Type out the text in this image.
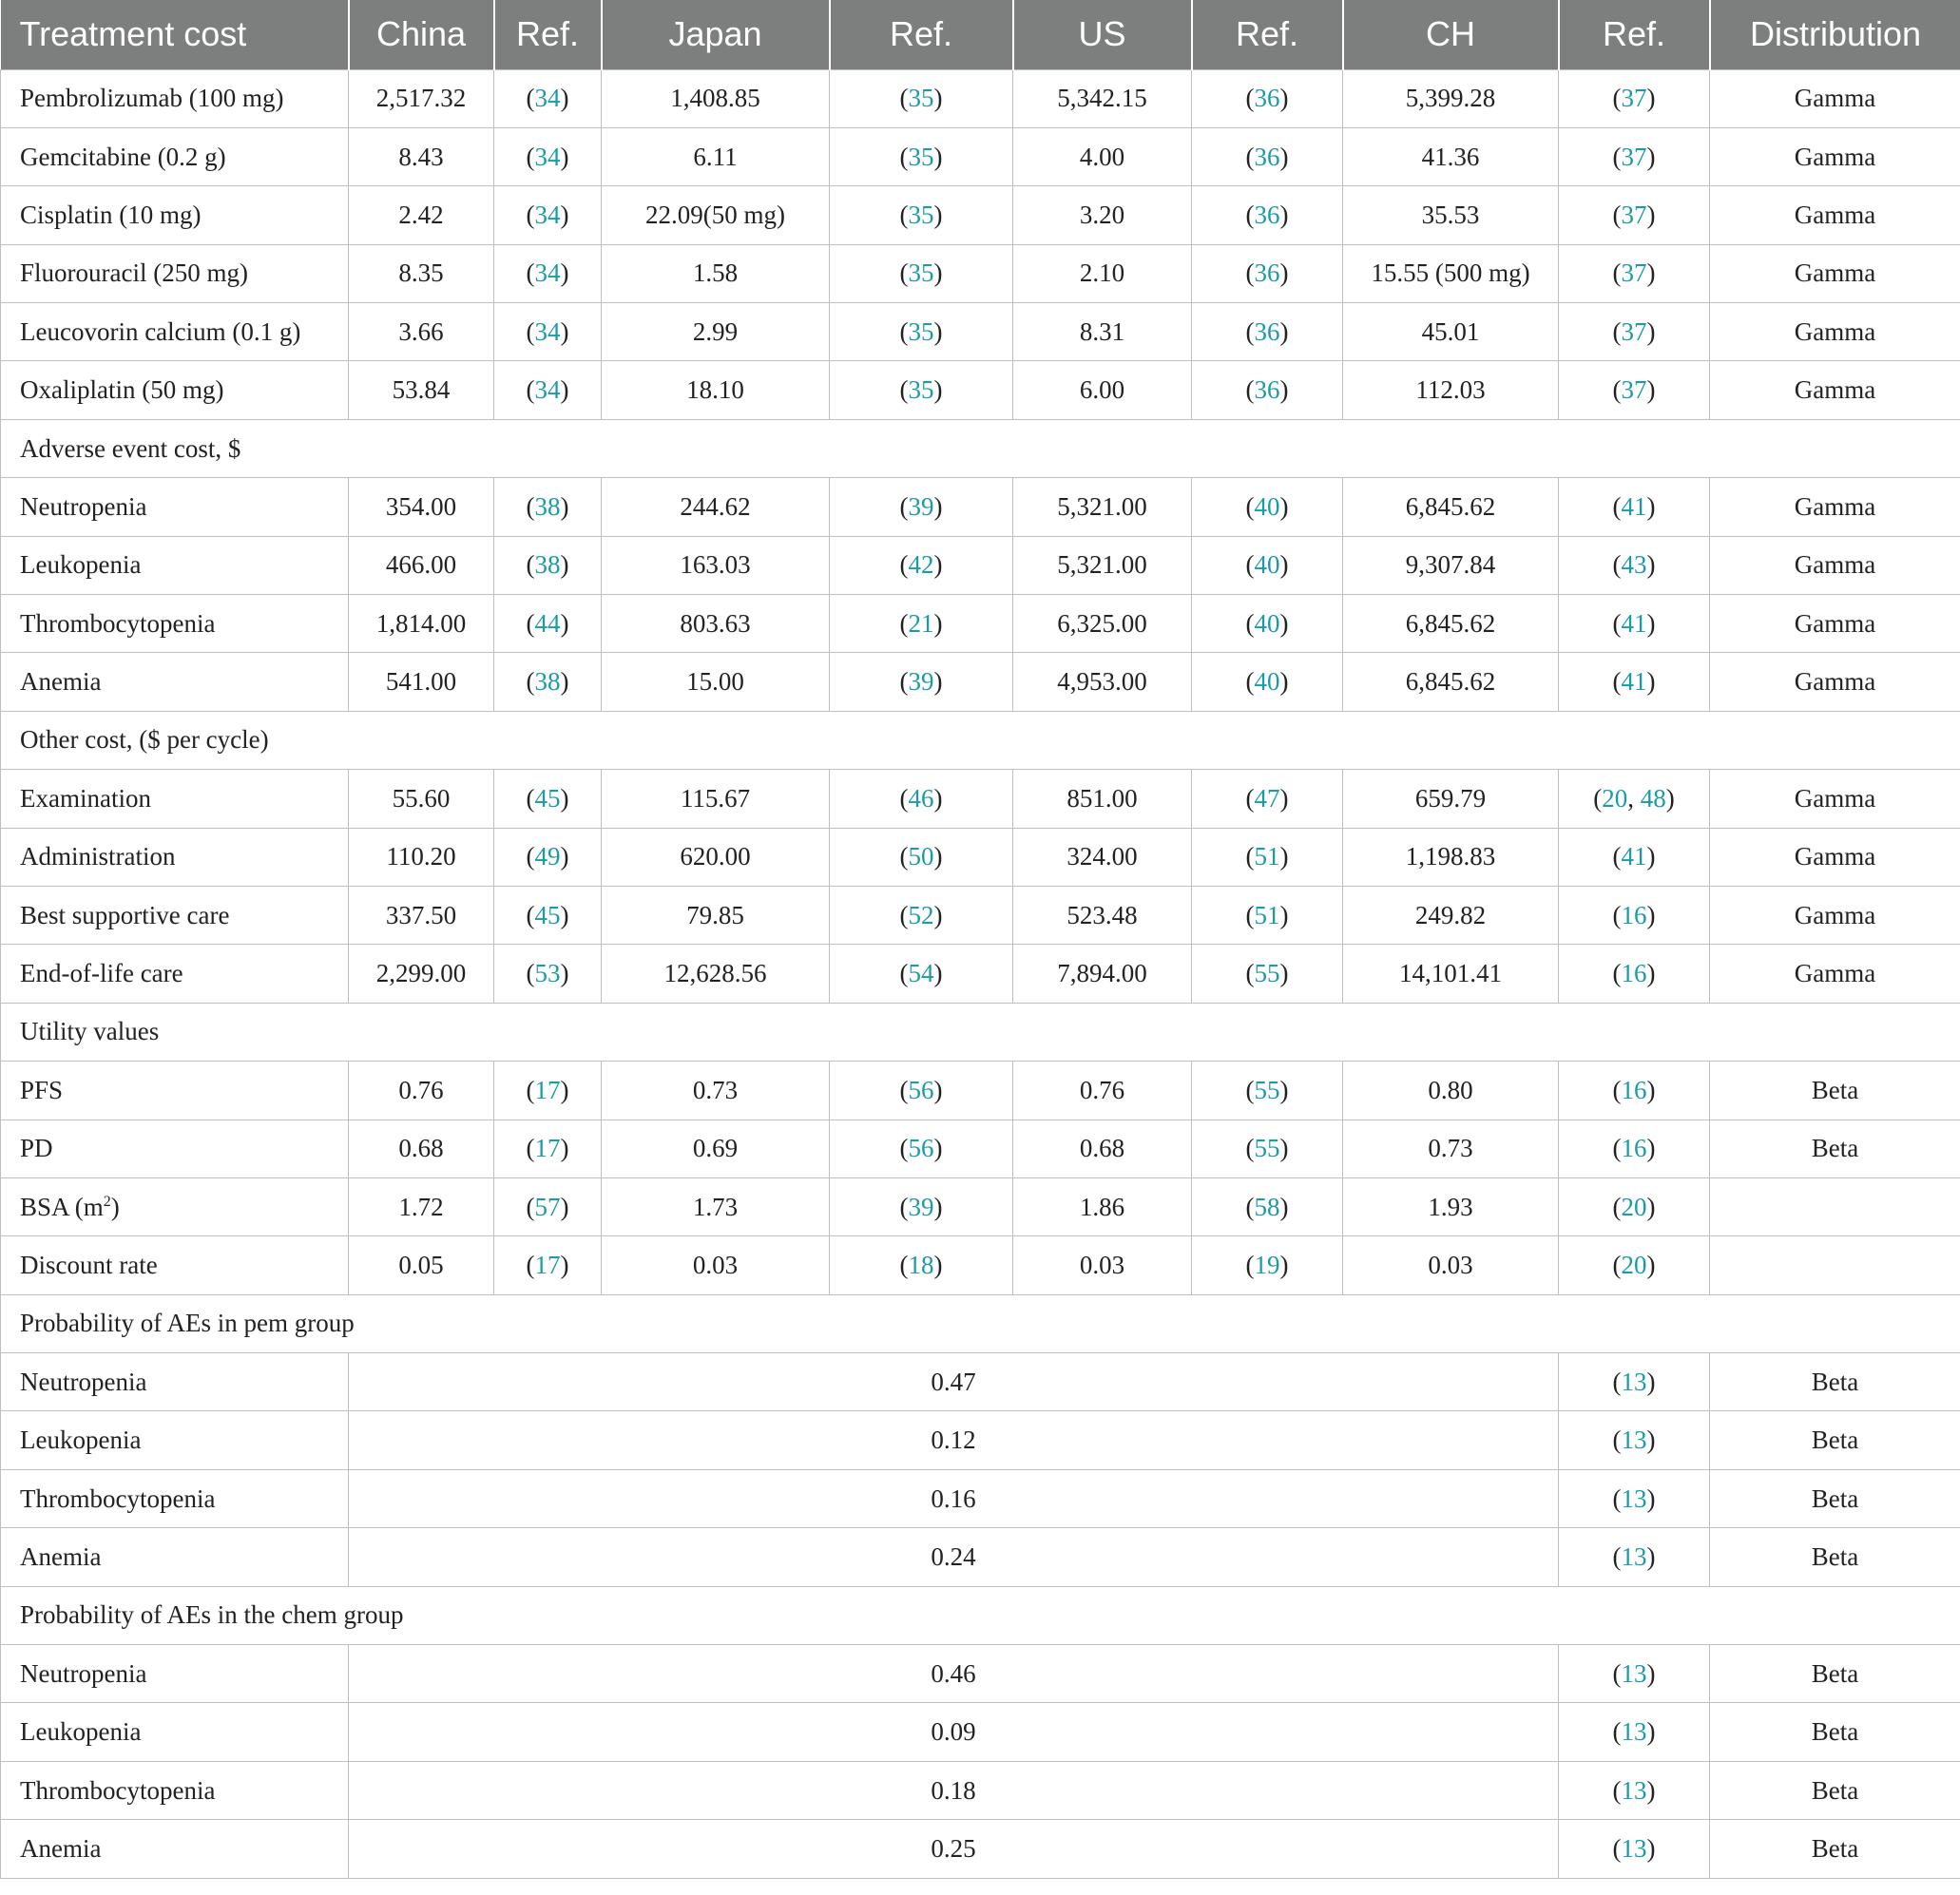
Treatment cost	China	Ref.	Japan	Ref.	US	Ref.	CH	Ref.	Distribution
Pembrolizumab (100 mg)	2,517.32	(34)	1,408.85	(35)	5,342.15	(36)	5,399.28	(37)	Gamma
Gemcitabine (0.2 g)	8.43	(34)	6.11	(35)	4.00	(36)	41.36	(37)	Gamma
Cisplatin (10 mg)	2.42	(34)	22.09(50 mg)	(35)	3.20	(36)	35.53	(37)	Gamma
Fluorouracil (250 mg)	8.35	(34)	1.58	(35)	2.10	(36)	15.55 (500 mg)	(37)	Gamma
Leucovorin calcium (0.1 g)	3.66	(34)	2.99	(35)	8.31	(36)	45.01	(37)	Gamma
Oxaliplatin (50 mg)	53.84	(34)	18.10	(35)	6.00	(36)	112.03	(37)	Gamma
Adverse event cost, $									
Neutropenia	354.00	(38)	244.62	(39)	5,321.00	(40)	6,845.62	(41)	Gamma
Leukopenia	466.00	(38)	163.03	(42)	5,321.00	(40)	9,307.84	(43)	Gamma
Thrombocytopenia	1,814.00	(44)	803.63	(21)	6,325.00	(40)	6,845.62	(41)	Gamma
Anemia	541.00	(38)	15.00	(39)	4,953.00	(40)	6,845.62	(41)	Gamma
Other cost, ($ per cycle)									
Examination	55.60	(45)	115.67	(46)	851.00	(47)	659.79	(20, 48)	Gamma
Administration	110.20	(49)	620.00	(50)	324.00	(51)	1,198.83	(41)	Gamma
Best supportive care	337.50	(45)	79.85	(52)	523.48	(51)	249.82	(16)	Gamma
End-of-life care	2,299.00	(53)	12,628.56	(54)	7,894.00	(55)	14,101.41	(16)	Gamma
Utility values									
PFS	0.76	(17)	0.73	(56)	0.76	(55)	0.80	(16)	Beta
PD	0.68	(17)	0.69	(56)	0.68	(55)	0.73	(16)	Beta
BSA $(m^2)$	1.72	(57)	1.73	(39)	1.86	(58)	1.93	(20)	
Discount rate	0.05	(17)	0.03	(18)	0.03	(19)	0.03	(20)	
Probability of AEs in pem group									
Neutropenia	0.47							(13)	Beta
Leukopenia	0.12							(13)	Beta
Thrombocytopenia	0.16							(13)	Beta
Anemia	0.24							(13)	Beta
Probability of AEs in the chem group									
Neutropenia	0.46							(13)	Beta
Leukopenia	0.09							(13)	Beta
Thrombocytopenia	0.18							(13)	Beta
Anemia	0.25							(13)	Beta
